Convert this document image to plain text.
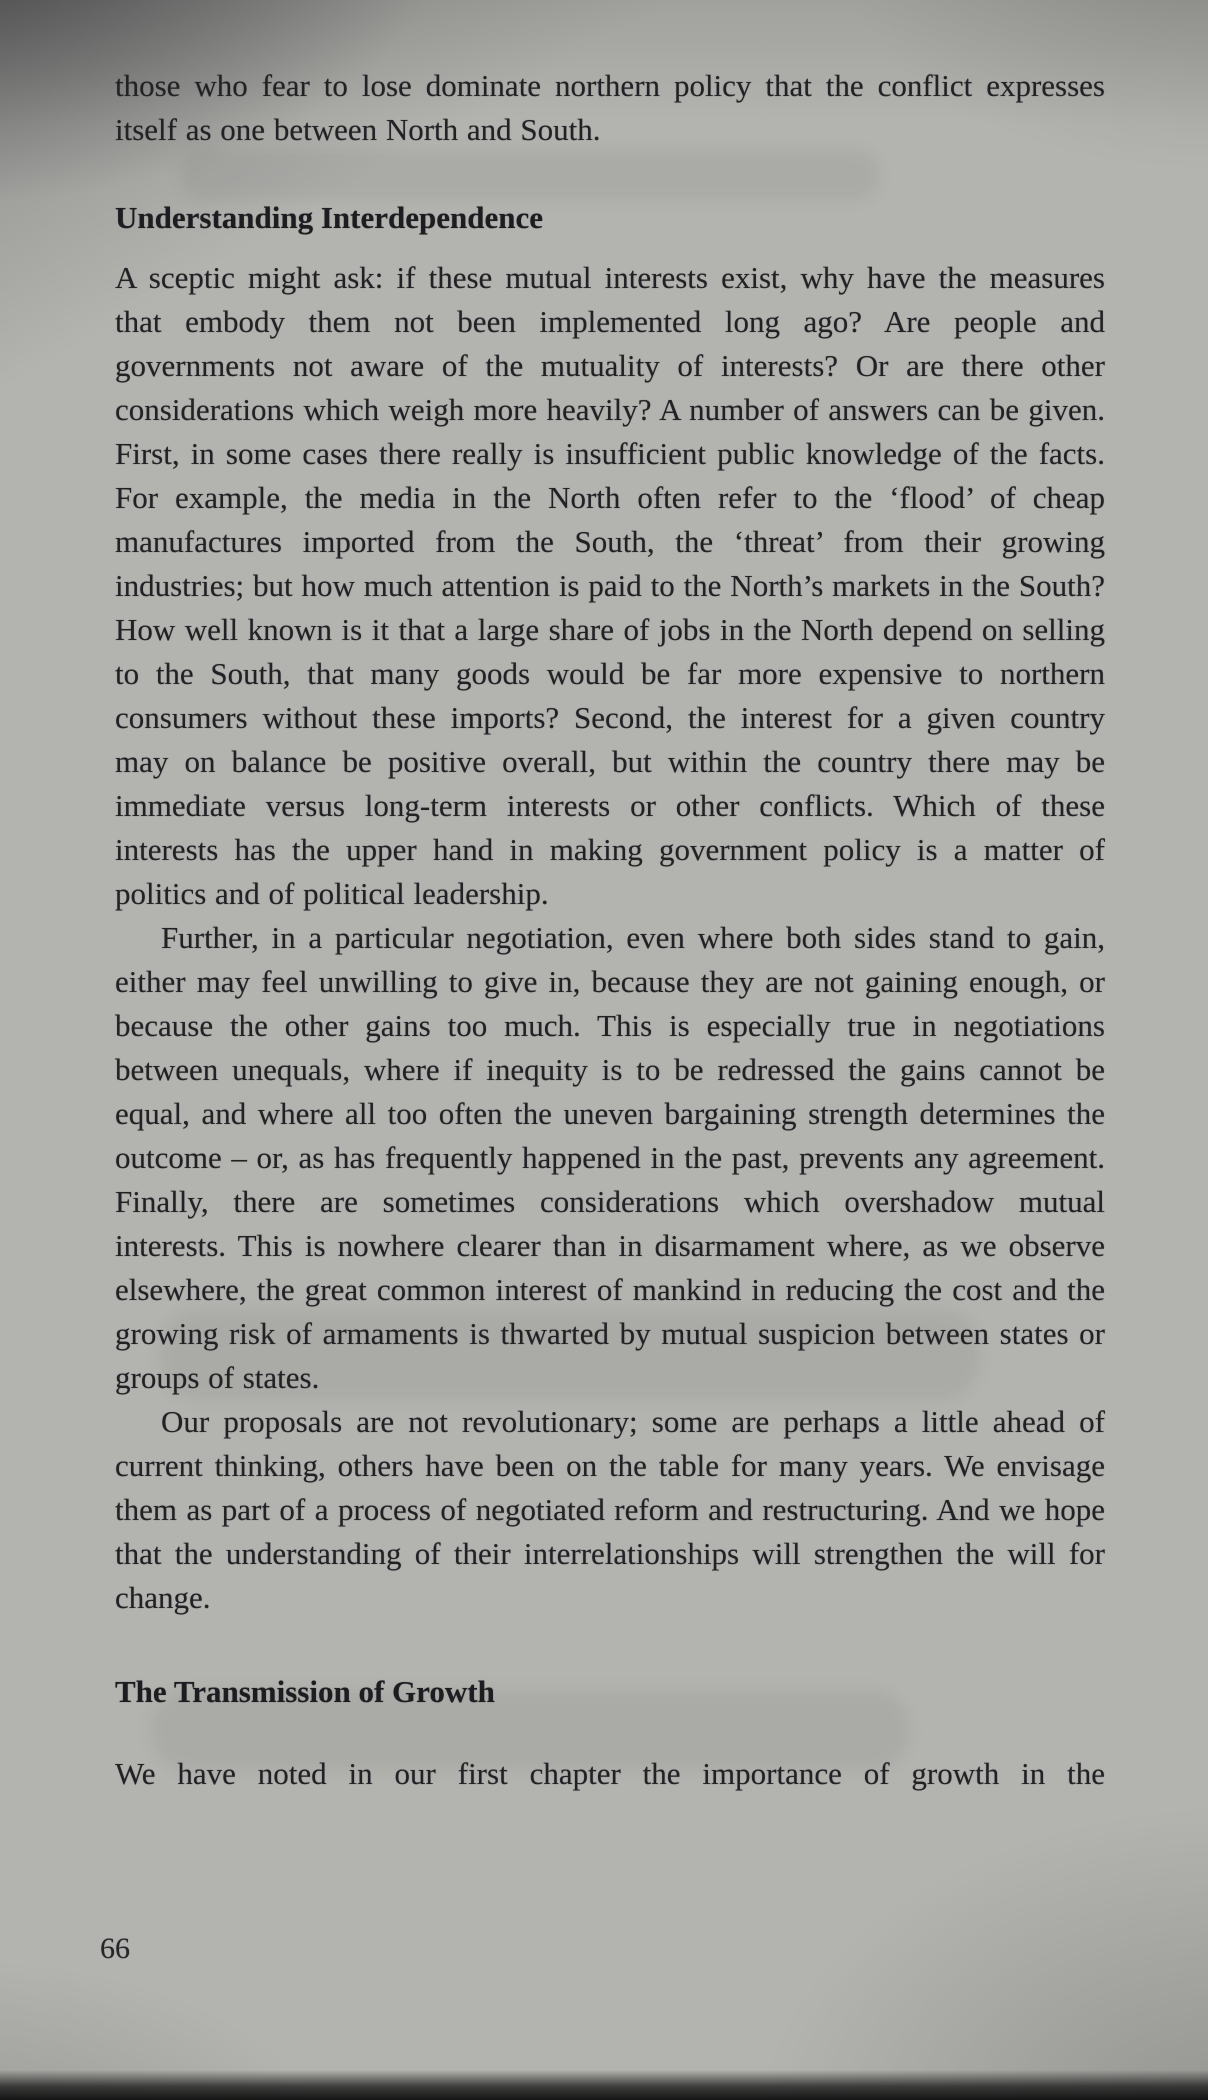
those who fear to lose dominate northern policy that the conflict expresses itself as one between North and South.

Understanding Interdependence

A sceptic might ask: if these mutual interests exist, why have the measures that embody them not been implemented long ago? Are people and governments not aware of the mutuality of interests? Or are there other considerations which weigh more heavily? A number of answers can be given. First, in some cases there really is insufficient public knowledge of the facts. For example, the media in the North often refer to the ‘flood’ of cheap manufactures imported from the South, the ‘threat’ from their growing industries; but how much attention is paid to the North’s markets in the South? How well known is it that a large share of jobs in the North depend on selling to the South, that many goods would be far more expensive to northern consumers without these imports? Second, the interest for a given country may on balance be positive overall, but within the country there may be immediate versus long-term interests or other conflicts. Which of these interests has the upper hand in making government policy is a matter of politics and of political leadership.

Further, in a particular negotiation, even where both sides stand to gain, either may feel unwilling to give in, because they are not gaining enough, or because the other gains too much. This is especially true in negotiations between unequals, where if inequity is to be redressed the gains cannot be equal, and where all too often the uneven bargaining strength determines the outcome – or, as has frequently happened in the past, prevents any agreement. Finally, there are sometimes considerations which overshadow mutual interests. This is nowhere clearer than in disarmament where, as we observe elsewhere, the great common interest of mankind in reducing the cost and the growing risk of armaments is thwarted by mutual suspicion between states or groups of states.

Our proposals are not revolutionary; some are perhaps a little ahead of current thinking, others have been on the table for many years. We envisage them as part of a process of negotiated reform and restructuring. And we hope that the understanding of their interrelationships will strengthen the will for change.

The Transmission of Growth

We have noted in our first chapter the importance of growth in the

66
